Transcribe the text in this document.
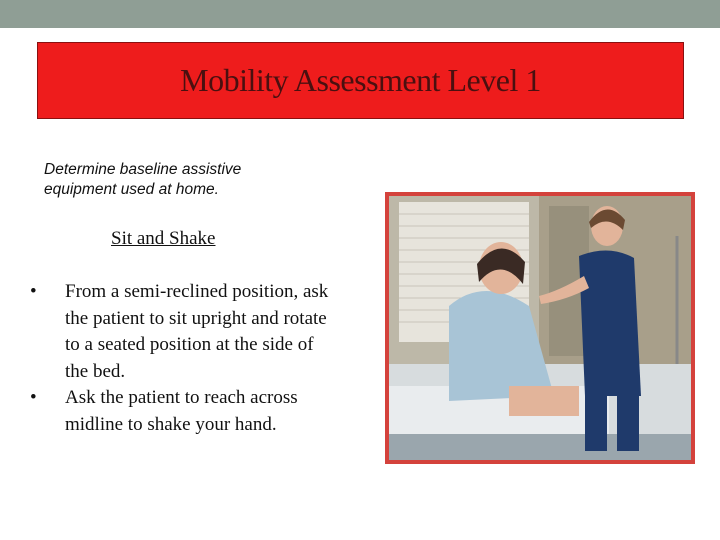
Mobility Assessment Level 1
Determine baseline assistive equipment used at home.
Sit and Shake
• From a semi-reclined position, ask the patient to sit upright and rotate to a seated position at the side of the bed.
• Ask the patient to reach across midline to shake your hand.
